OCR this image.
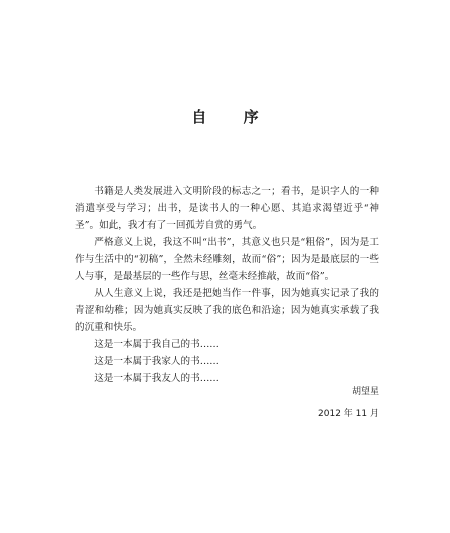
自 序

书籍是人类发展进入文明阶段的标志之一；看书，是识字人的一种消遣享受与学习；出书，是读书人的一种心愿、其追求渴望近乎“神圣”。如此，我才有了一回孤芳自赏的勇气。

严格意义上说，我这不叫“出书”，其意义也只是“粗俗”，因为是工作与生活中的“初稿”，全然未经雕刻，故而“俗”；因为是最底层的一些人与事，是最基层的一些作与思，丝毫未经推敲，故而“俗”。

从人生意义上说，我还是把她当作一件事，因为她真实记录了我的青涩和幼稚；因为她真实反映了我的底色和沿途；因为她真实承载了我的沉重和快乐。

这是一本属于我自己的书……

这是一本属于我家人的书……

这是一本属于我友人的书……

胡望星
2012 年 11 月
